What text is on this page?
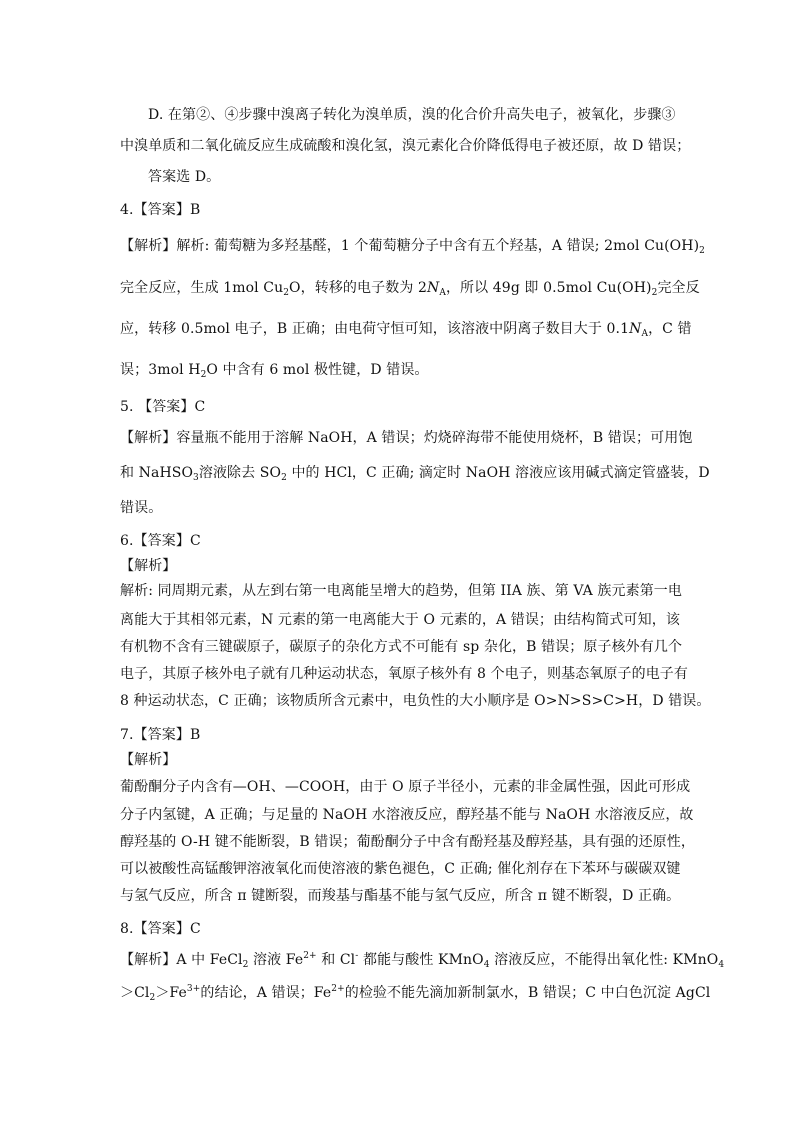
D. 在第②、④步骤中溴离子转化为溴单质，溴的化合价升高失电子，被氧化，步骤③
中溴单质和二氧化硫反应生成硫酸和溴化氢，溴元素化合价降低得电子被还原，故 D 错误；
答案选 D。
4.【答案】B
【解析】解析: 葡萄糖为多羟基醛，1 个葡萄糖分子中含有五个羟基，A 错误; 2mol $Cu(OH)_2$
完全反应，生成 1mol $Cu_2O$，转移的电子数为 $2N_A$，所以 49g 即 0.5mol $Cu(OH)_2$完全反
应，转移 0.5mol 电子，B 正确；由电荷守恒可知，该溶液中阴离子数目大于 $0.1N_A$，C 错
误；3mol $H_2O$ 中含有 6 mol 极性键，D 错误。
5. 【答案】C
【解析】容量瓶不能用于溶解 NaOH，A 错误；灼烧碎海带不能使用烧杯，B 错误；可用饱
和 NaHSO$_3$溶液除去 $SO_2$ 中的 HCl，C 正确; 滴定时 NaOH 溶液应该用碱式滴定管盛装，D
错误。
6.【答案】C
【解析】
解析: 同周期元素，从左到右第一电离能呈增大的趋势，但第 IIA 族、第 VA 族元素第一电
离能大于其相邻元素，N 元素的第一电离能大于 O 元素的，A 错误；由结构简式可知，该
有机物不含有三键碳原子，碳原子的杂化方式不可能有 sp 杂化，B 错误；原子核外有几个
电子，其原子核外电子就有几种运动状态，氧原子核外有 8 个电子，则基态氧原子的电子有
8 种运动状态，C 正确；该物质所含元素中，电负性的大小顺序是 O>N>S>C>H，D 错误。
7.【答案】B
【解析】
葡酚酮分子内含有—OH、—COOH，由于 O 原子半径小，元素的非金属性强，因此可形成
分子内氢键，A 正确；与足量的 NaOH 水溶液反应，醇羟基不能与 NaOH 水溶液反应，故
醇羟基的 O-H 键不能断裂，B 错误；葡酚酮分子中含有酚羟基及醇羟基，具有强的还原性，
可以被酸性高锰酸钾溶液氧化而使溶液的紫色褪色，C 正确; 催化剂存在下苯环与碳碳双键
与氢气反应，所含 π 键断裂，而羧基与酯基不能与氢气反应，所含 π 键不断裂，D 正确。
8.【答案】C
【解析】A 中 FeCl$_2$ 溶液 $Fe^{2+}$ 和 Cl- 都能与酸性 KMnO$_4$ 溶液反应，不能得出氧化性: KMnO$_4$
$>Cl_2>Fe^{3+}$的结论，A 错误；$Fe^{2+}$的检验不能先滴加新制氯水，B 错误；C 中白色沉淀 AgCl
